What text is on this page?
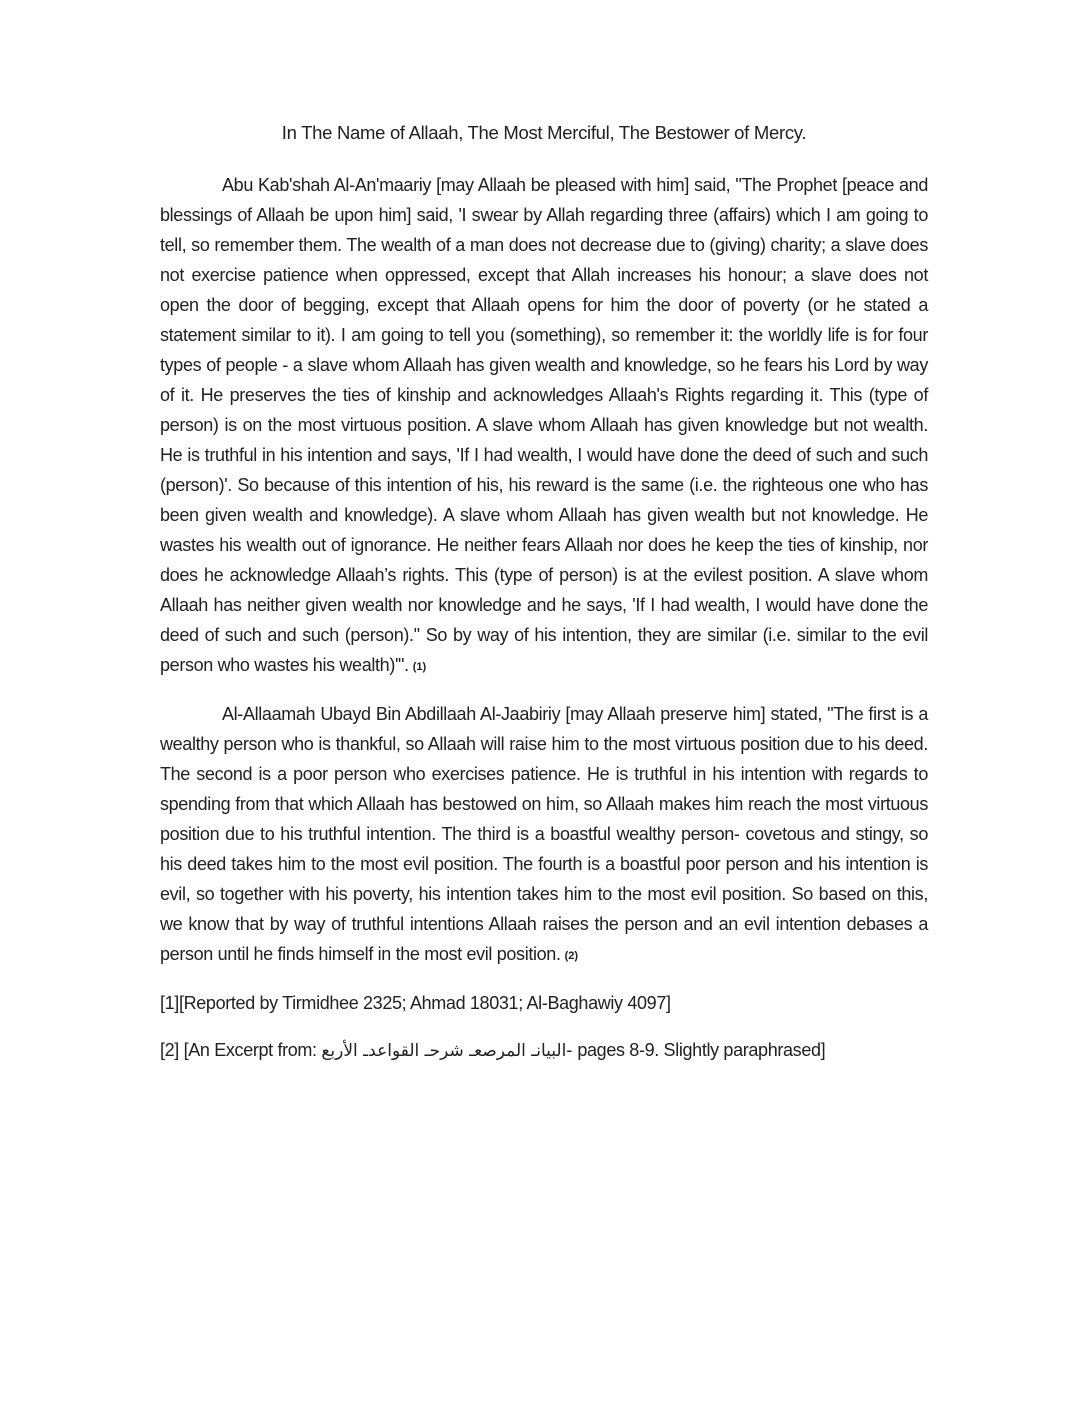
In The Name of Allaah, The Most Merciful, The Bestower of Mercy.

Abu Kab'shah Al-An'maariy [may Allaah be pleased with him] said, "The Prophet [peace and blessings of Allaah be upon him] said, 'I swear by Allah regarding three (affairs) which I am going to tell, so remember them. The wealth of a man does not decrease due to (giving) charity; a slave does not exercise patience when oppressed, except that Allah increases his honour; a slave does not open the door of begging, except that Allaah opens for him the door of poverty (or he stated a statement similar to it). I am going to tell you (something), so remember it: the worldly life is for four types of people - a slave whom Allaah has given wealth and knowledge, so he fears his Lord by way of it. He preserves the ties of kinship and acknowledges Allaah's Rights regarding it. This (type of person) is on the most virtuous position. A slave whom Allaah has given knowledge but not wealth. He is truthful in his intention and says, 'If I had wealth, I would have done the deed of such and such (person)'. So because of this intention of his, his reward is the same (i.e. the righteous one who has been given wealth and knowledge). A slave whom Allaah has given wealth but not knowledge. He wastes his wealth out of ignorance. He neither fears Allaah nor does he keep the ties of kinship, nor does he acknowledge Allaah’s rights. This (type of person) is at the evilest position. A slave whom Allaah has neither given wealth nor knowledge and he says, 'If I had wealth, I would have done the deed of such and such (person).'' So by way of his intention, they are similar (i.e. similar to the evil person who wastes his wealth)'". (1)

Al-Allaamah Ubayd Bin Abdillaah Al-Jaabiriy [may Allaah preserve him] stated, "The first is a wealthy person who is thankful, so Allaah will raise him to the most virtuous position due to his deed. The second is a poor person who exercises patience. He is truthful in his intention with regards to spending from that which Allaah has bestowed on him, so Allaah makes him reach the most virtuous position due to his truthful intention. The third is a boastful wealthy person- covetous and stingy, so his deed takes him to the most evil position. The fourth is a boastful poor person and his intention is evil, so together with his poverty, his intention takes him to the most evil position. So based on this, we know that by way of truthful intentions Allaah raises the person and an evil intention debases a person until he finds himself in the most evil position. (2)

[1][Reported by Tirmidhee 2325; Ahmad 18031; Al-Baghawiy 4097]

[2] [An Excerpt from: البيانـ المرصعـ شرحـ القواعدـ الأربع- pages 8-9. Slightly paraphrased]
